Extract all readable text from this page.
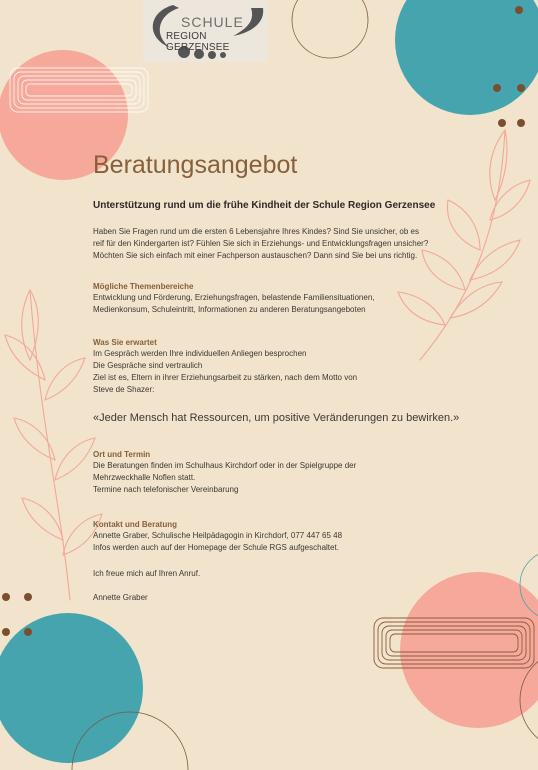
SCHULE
REGION GERZENSEE
Beratungsangebot
Unterstützung rund um die frühe Kindheit der Schule Region Gerzensee
Haben Sie Fragen rund um die ersten 6 Lebensjahre Ihres Kindes? Sind Sie unsicher, ob es
reif für den Kindergarten ist? Fühlen Sie sich in Erziehungs- und Entwicklungsfragen unsicher?
Möchten Sie sich einfach mit einer Fachperson austauschen? Dann sind Sie bei uns richtig.
Mögliche Themenbereiche
Entwicklung und Förderung, Erziehungsfragen, belastende Familiensituationen,
Medienkonsum, Schuleintritt, Informationen zu anderen Beratungsangeboten
Was Sie erwartet
Im Gespräch werden Ihre individuellen Anliegen besprochen
Die Gespräche sind vertraulich
Ziel ist es, Eltern in ihrer Erziehungsarbeit zu stärken, nach dem Motto von
Steve de Shazer:
«Jeder Mensch hat Ressourcen, um positive Veränderungen zu bewirken.»
Ort und Termin
Die Beratungen finden im Schulhaus Kirchdorf oder in der Spielgruppe der
Mehrzweckhalle Noflen statt.
Termine nach telefonischer Vereinbarung
Kontakt und Beratung
Annette Graber, Schulische Heilpädagogin in Kirchdorf, 077 447 65 48
Infos werden auch auf der Homepage der Schule RGS aufgeschaltet.
Ich freue mich auf Ihren Anruf.
Annette Graber
